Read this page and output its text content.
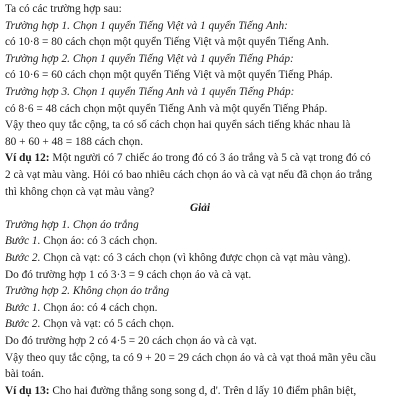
Ta có các trường hợp sau:
Trường hợp 1. Chọn 1 quyển Tiếng Việt và 1 quyển Tiếng Anh:
có 10·8 = 80 cách chọn một quyển Tiếng Việt và một quyển Tiếng Anh.
Trường hợp 2. Chọn 1 quyển Tiếng Việt và 1 quyển Tiếng Pháp:
có 10·6 = 60 cách chọn một quyển Tiếng Việt và một quyển Tiếng Pháp.
Trường hợp 3. Chọn 1 quyển Tiếng Anh và 1 quyển Tiếng Pháp:
có 8·6 = 48 cách chọn một quyển Tiếng Anh và một quyển Tiếng Pháp.
Vậy theo quy tắc cộng, ta có số cách chọn hai quyển sách tiếng khác nhau là
80 + 60 + 48 = 188 cách chọn.
Ví dụ 12: Một người có 7 chiếc áo trong đó có 3 áo trắng và 5 cà vạt trong đó có
2 cà vạt màu vàng. Hỏi có bao nhiêu cách chọn áo và cà vạt nếu đã chọn áo trắng
thì không chọn cà vạt màu vàng?
Giải
Trường hợp 1. Chọn áo trắng
Bước 1. Chọn áo: có 3 cách chọn.
Bước 2. Chọn cà vạt: có 3 cách chọn (vì không được chọn cà vạt màu vàng).
Do đó trường hợp 1 có 3·3 = 9 cách chọn áo và cà vạt.
Trường hợp 2. Không chọn áo trắng
Bước 1. Chọn áo: có 4 cách chọn.
Bước 2. Chọn và vạt: có 5 cách chọn.
Do đó trường hợp 2 có 4·5 = 20 cách chọn áo và cà vạt.
Vậy theo quy tắc cộng, ta có 9 + 20 = 29 cách chọn áo và cà vạt thoả mãn yêu cầu
bài toán.
Ví dụ 13: Cho hai đường thẳng song song d, d'. Trên d lấy 10 điểm phân biệt,
